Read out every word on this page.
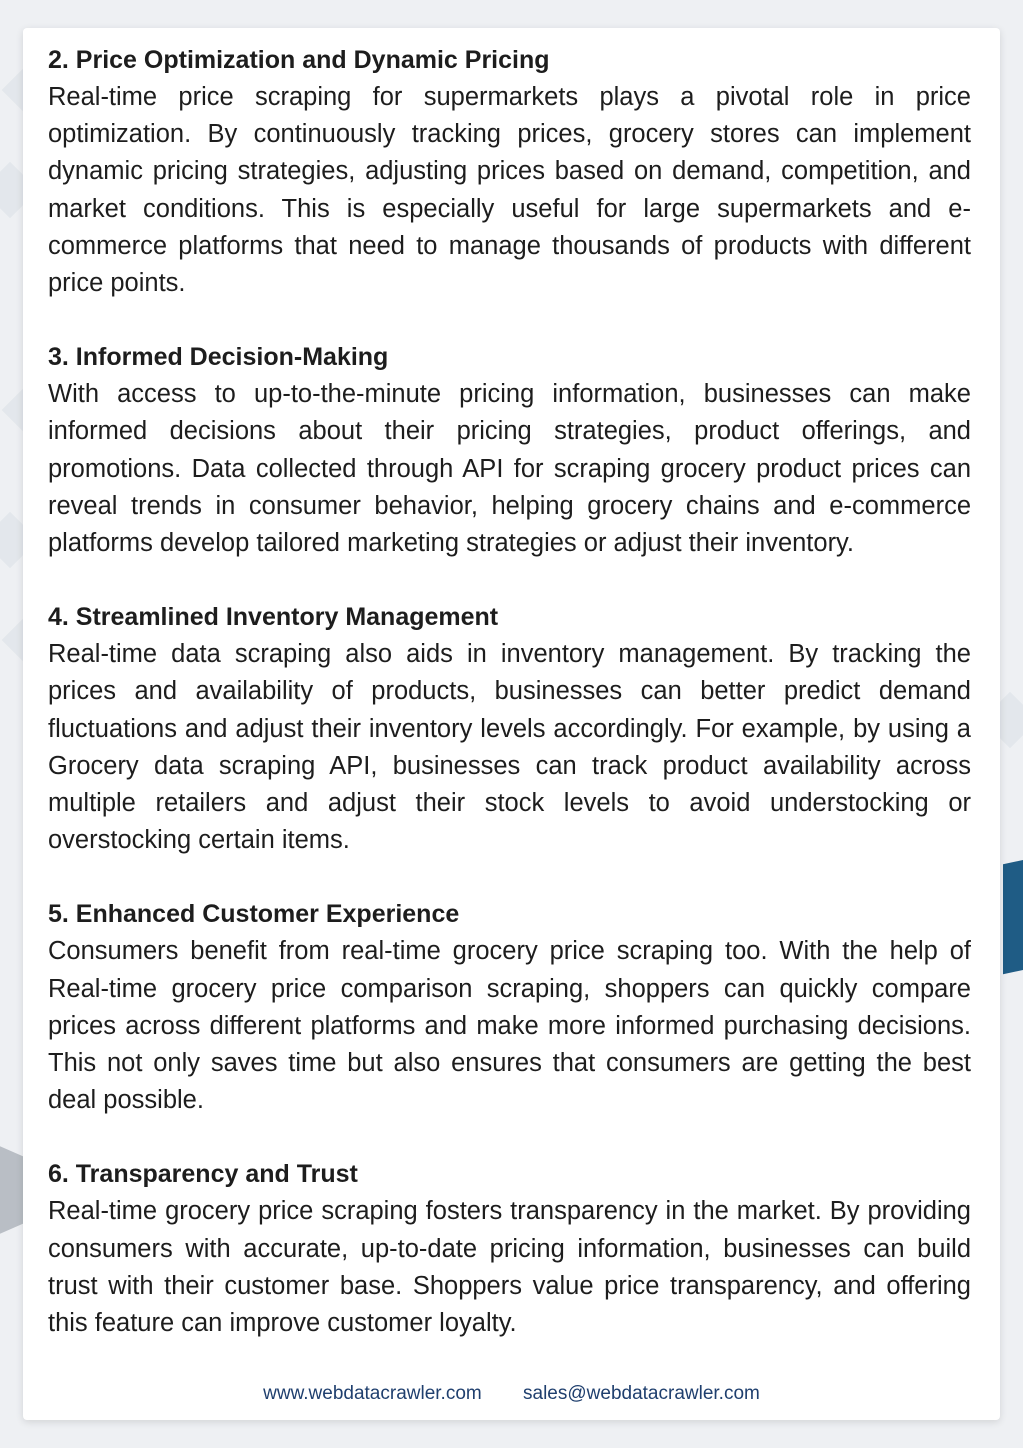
2. Price Optimization and Dynamic Pricing

Real-time price scraping for supermarkets plays a pivotal role in price optimization. By continuously tracking prices, grocery stores can implement dynamic pricing strategies, adjusting prices based on demand, competition, and market conditions. This is especially useful for large supermarkets and e-commerce platforms that need to manage thousands of products with different price points.

3. Informed Decision-Making

With access to up-to-the-minute pricing information, businesses can make informed decisions about their pricing strategies, product offerings, and promotions. Data collected through API for scraping grocery product prices can reveal trends in consumer behavior, helping grocery chains and e-commerce platforms develop tailored marketing strategies or adjust their inventory.

4. Streamlined Inventory Management

Real-time data scraping also aids in inventory management. By tracking the prices and availability of products, businesses can better predict demand fluctuations and adjust their inventory levels accordingly. For example, by using a Grocery data scraping API, businesses can track product availability across multiple retailers and adjust their stock levels to avoid understocking or overstocking certain items.

5. Enhanced Customer Experience

Consumers benefit from real-time grocery price scraping too. With the help of Real-time grocery price comparison scraping, shoppers can quickly compare prices across different platforms and make more informed purchasing decisions. This not only saves time but also ensures that consumers are getting the best deal possible.

6. Transparency and Trust

Real-time grocery price scraping fosters transparency in the market. By providing consumers with accurate, up-to-date pricing information, businesses can build trust with their customer base. Shoppers value price transparency, and offering this feature can improve customer loyalty.

www.webdatacrawler.com sales@webdatacrawler.com
